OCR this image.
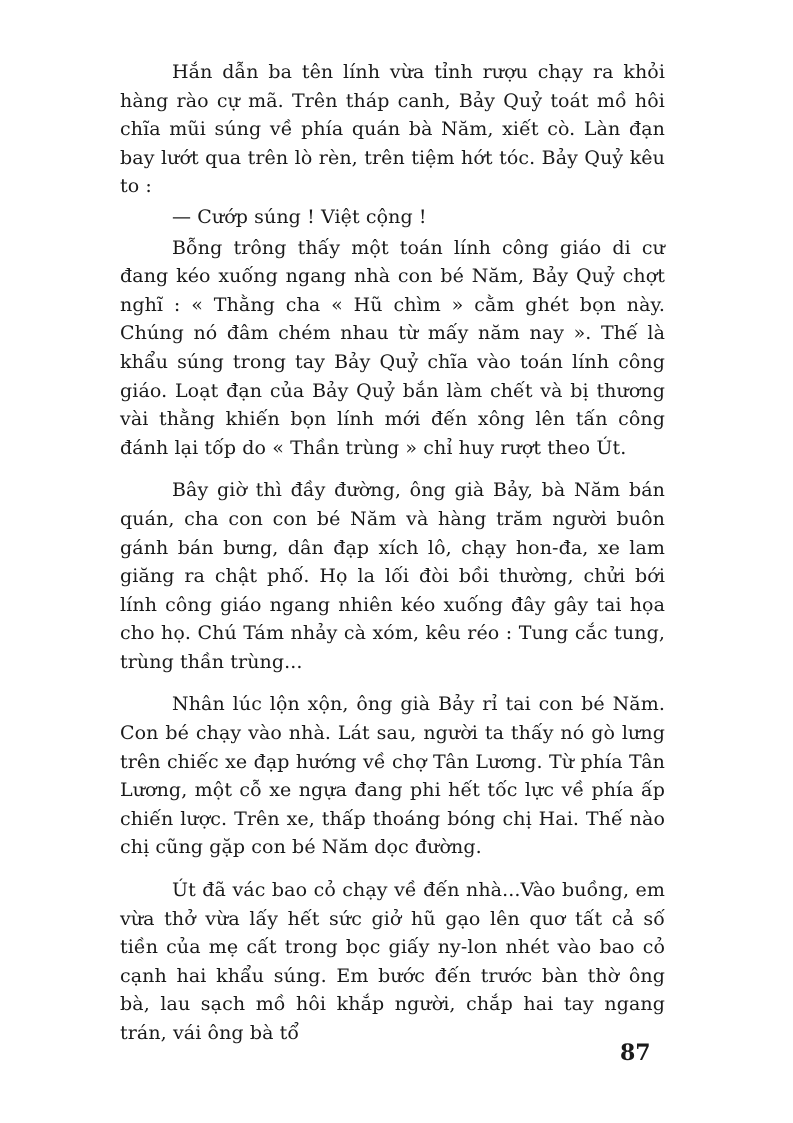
Hắn dẫn ba tên lính vừa tỉnh rượu chạy ra khỏi hàng rào cự mã. Trên tháp canh, Bảy Quỷ toát mồ hôi chĩa mũi súng về phía quán bà Năm, xiết cò. Làn đạn bay lướt qua trên lò rèn, trên tiệm hớt tóc. Bảy Quỷ kêu to :

— Cướp súng ! Việt cộng !

Bỗng trông thấy một toán lính công giáo di cư đang kéo xuống ngang nhà con bé Năm, Bảy Quỷ chợt nghĩ : « Thằng cha « Hũ chìm » cằm ghét bọn này. Chúng nó đâm chém nhau từ mấy năm nay ». Thế là khẩu súng trong tay Bảy Quỷ chĩa vào toán lính công giáo. Loạt đạn của Bảy Quỷ bắn làm chết và bị thương vài thằng khiến bọn lính mới đến xông lên tấn công đánh lại tốp do « Thần trùng » chỉ huy rượt theo Út.

Bây giờ thì đầy đường, ông già Bảy, bà Năm bán quán, cha con con bé Năm và hàng trăm người buôn gánh bán bưng, dân đạp xích lô, chạy hon-đa, xe lam giăng ra chật phố. Họ la lối đòi bồi thường, chửi bới lính công giáo ngang nhiên kéo xuống đây gây tai họa cho họ. Chú Tám nhảy cà xóm, kêu réo : Tung cắc tung, trùng thần trùng...

Nhân lúc lộn xộn, ông già Bảy rỉ tai con bé Năm. Con bé chạy vào nhà. Lát sau, người ta thấy nó gò lưng trên chiếc xe đạp hướng về chợ Tân Lương. Từ phía Tân Lương, một cỗ xe ngựa đang phi hết tốc lực về phía ấp chiến lược. Trên xe, thấp thoáng bóng chị Hai. Thế nào chị cũng gặp con bé Năm dọc đường.

Út đã vác bao cỏ chạy về đến nhà...Vào buồng, em vừa thở vừa lấy hết sức giở hũ gạo lên quơ tất cả số tiền của mẹ cất trong bọc giấy ny-lon nhét vào bao cỏ cạnh hai khẩu súng. Em bước đến trước bàn thờ ông bà, lau sạch mồ hôi khắp người, chắp hai tay ngang trán, vái ông bà tổ

87
